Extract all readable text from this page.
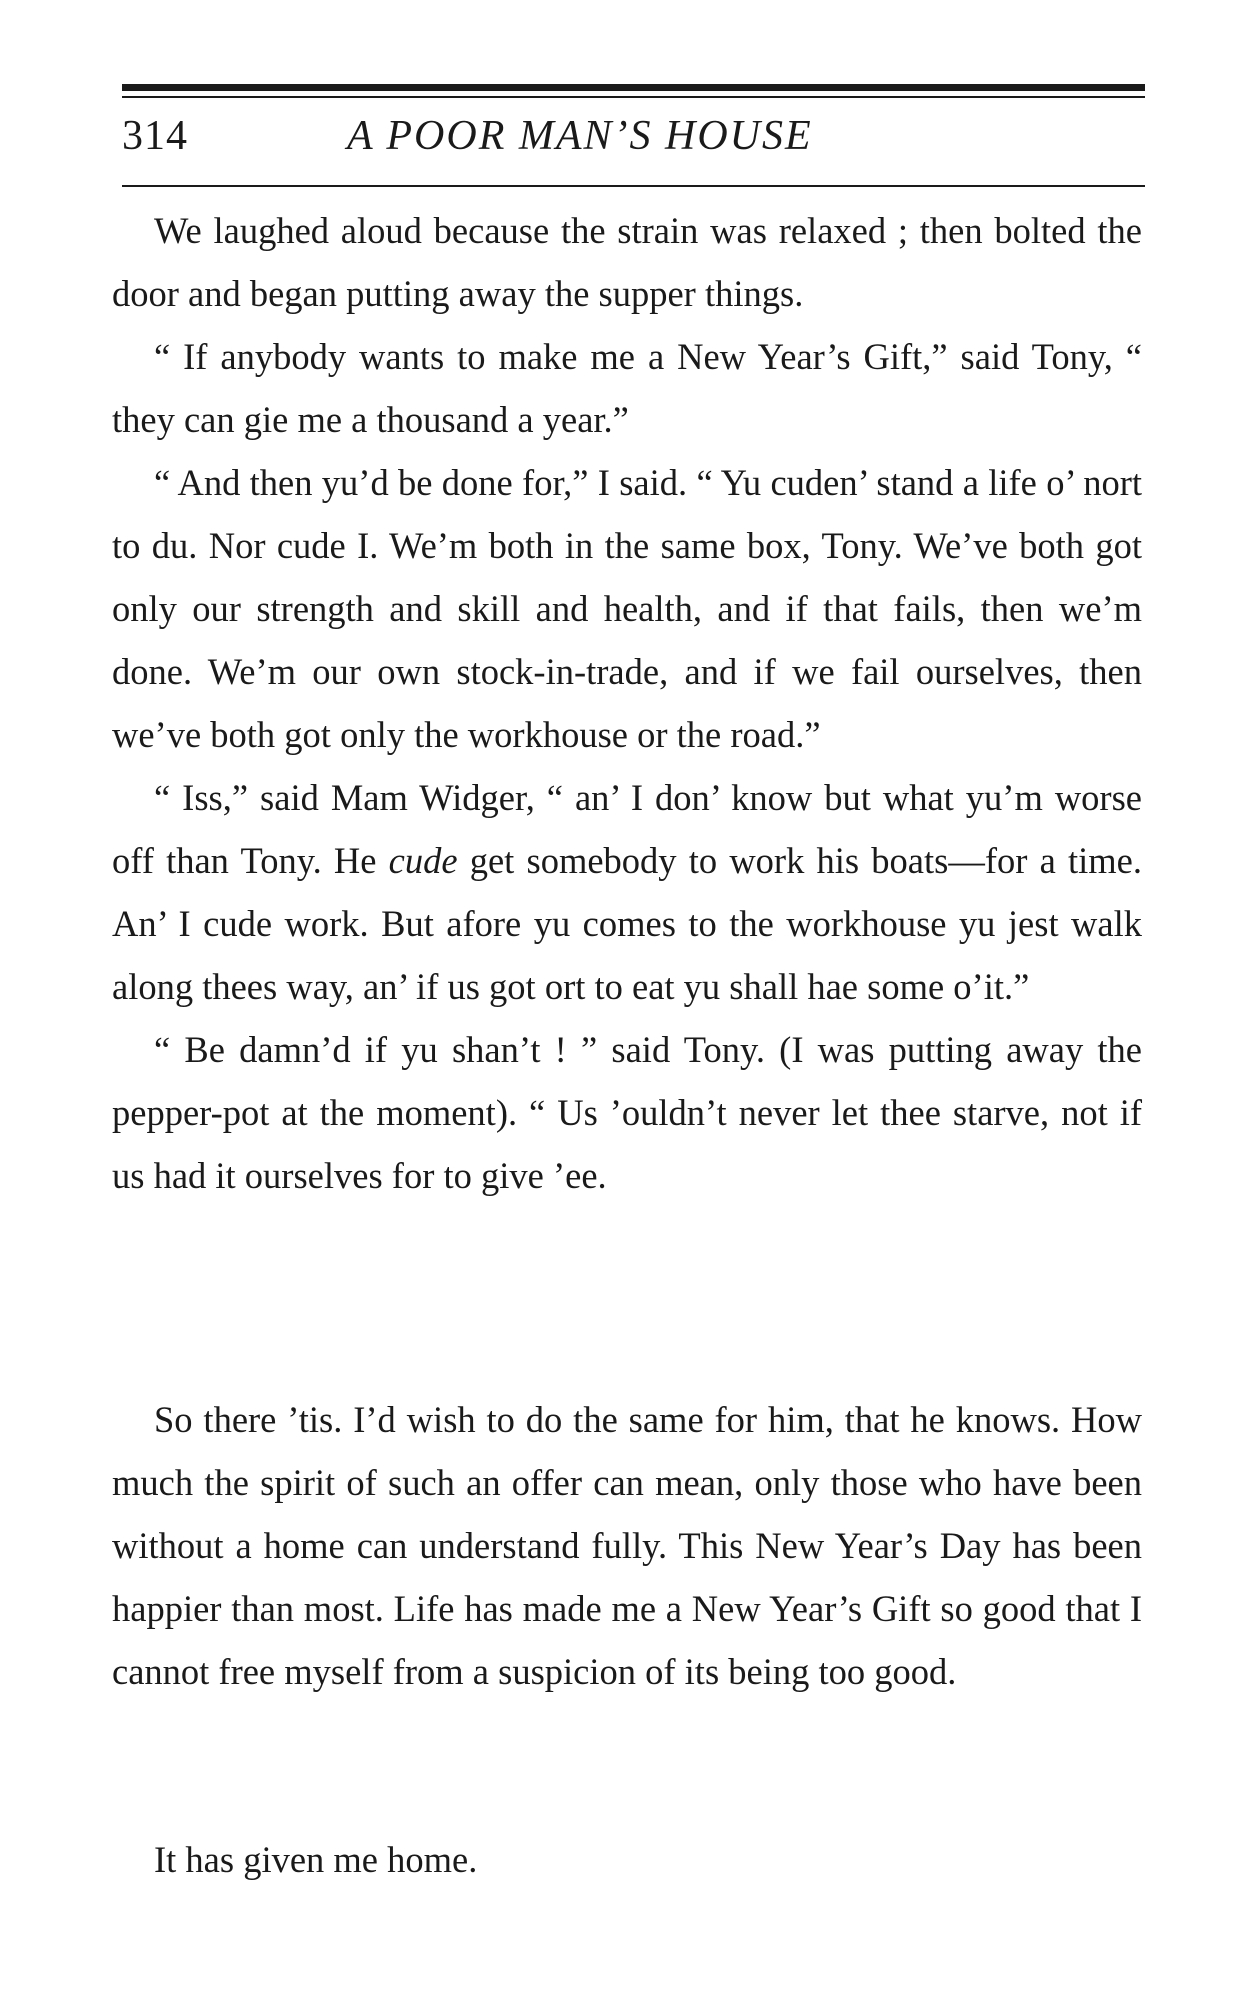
314	A POOR MAN’S HOUSE

We laughed aloud because the strain was relaxed ; then bolted the door and began putting away the supper things.

“ If anybody wants to make me a New Year’s Gift,” said Tony, “ they can gie me a thousand a year.”

“ And then yu’d be done for,” I said. “ Yu cuden’ stand a life o’ nort to du. Nor cude I. We’m both in the same box, Tony. We’ve both got only our strength and skill and health, and if that fails, then we’m done. We’m our own stock-in-trade, and if we fail ourselves, then we’ve both got only the workhouse or the road.”

“ Iss,” said Mam Widger, “ an’ I don’ know but what yu’m worse off than Tony. He cude get somebody to work his boats—for a time. An’ I cude work. But afore yu comes to the workhouse yu jest walk along thees way, an’ if us got ort to eat yu shall hae some o’it.”

“ Be damn’d if yu shan’t ! ” said Tony. (I was putting away the pepper-pot at the moment). “ Us ’ouldn’t never let thee starve, not if us had it ourselves for to give ’ee.

So there ’tis. I’d wish to do the same for him, that he knows. How much the spirit of such an offer can mean, only those who have been without a home can understand fully. This New Year’s Day has been happier than most. Life has made me a New Year’s Gift so good that I cannot free myself from a suspicion of its being too good.

It has given me home.
